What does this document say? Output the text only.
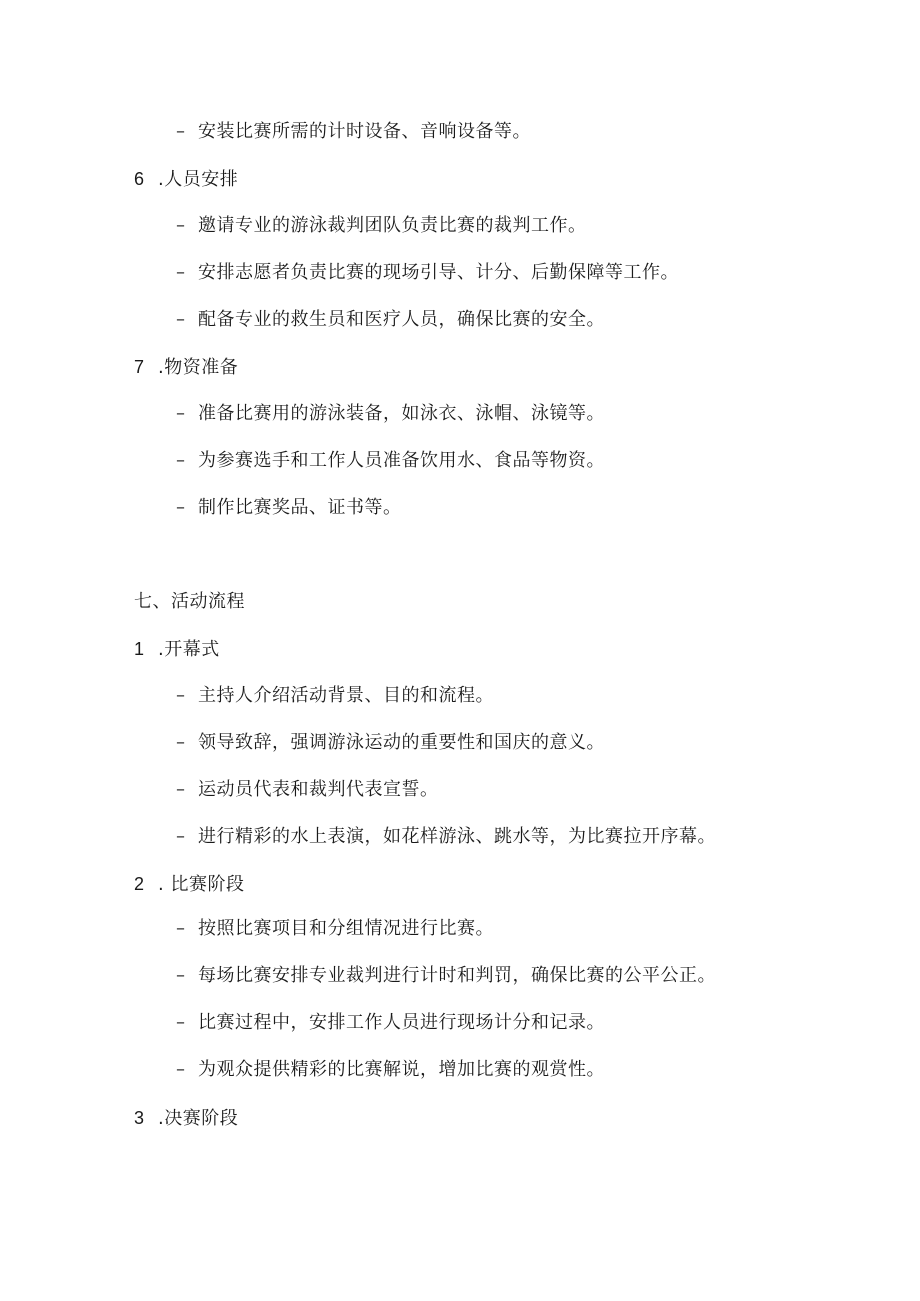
– 安装比赛所需的计时设备、音响设备等。
6 .人员安排
– 邀请专业的游泳裁判团队负责比赛的裁判工作。
– 安排志愿者负责比赛的现场引导、计分、后勤保障等工作。
– 配备专业的救生员和医疗人员，确保比赛的安全。
7 .物资准备
– 准备比赛用的游泳装备，如泳衣、泳帽、泳镜等。
– 为参赛选手和工作人员准备饮用水、食品等物资。
– 制作比赛奖品、证书等。
七、活动流程
1 .开幕式
– 主持人介绍活动背景、目的和流程。
– 领导致辞，强调游泳运动的重要性和国庆的意义。
– 运动员代表和裁判代表宣誓。
– 进行精彩的水上表演，如花样游泳、跳水等，为比赛拉开序幕。
2 . 比赛阶段
– 按照比赛项目和分组情况进行比赛。
– 每场比赛安排专业裁判进行计时和判罚，确保比赛的公平公正。
– 比赛过程中，安排工作人员进行现场计分和记录。
– 为观众提供精彩的比赛解说，增加比赛的观赏性。
3 .决赛阶段
